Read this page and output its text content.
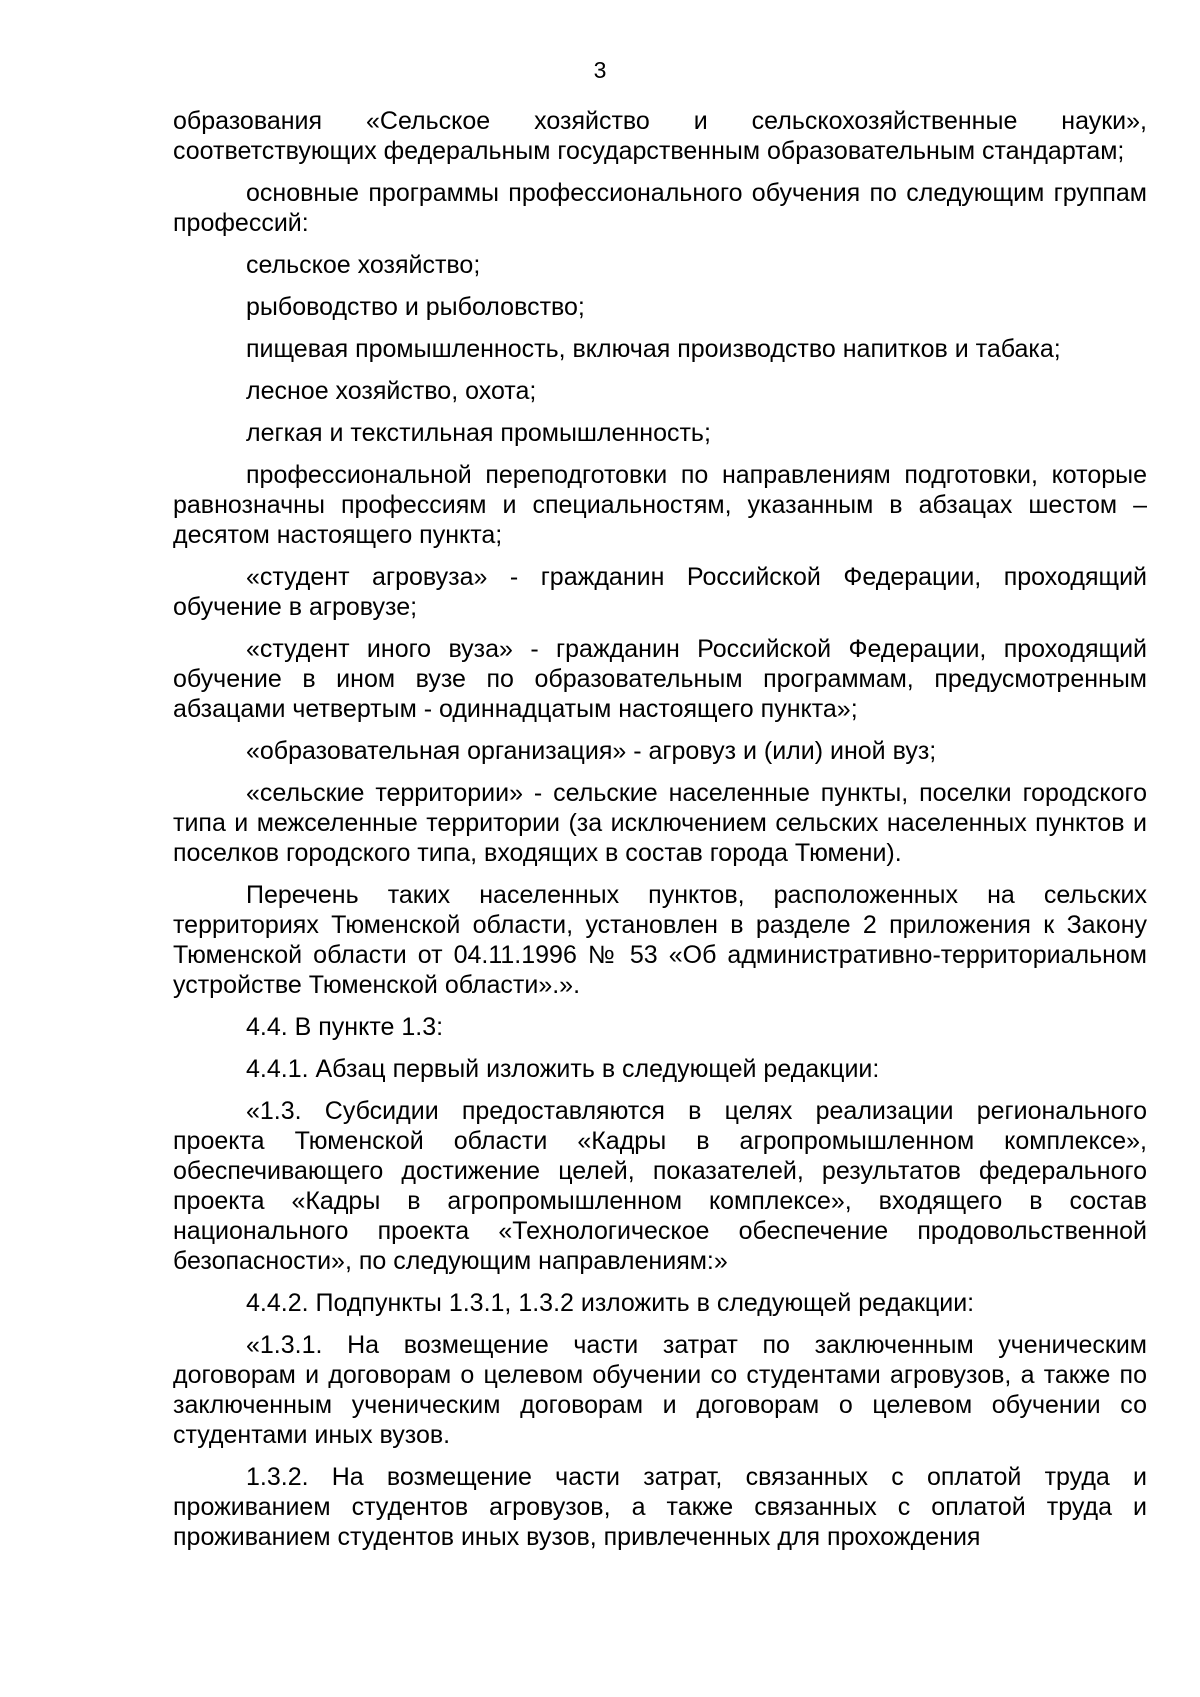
3

образования «Сельское хозяйство и сельскохозяйственные науки», соответствующих федеральным государственным образовательным стандартам;

основные программы профессионального обучения по следующим группам профессий:

сельское хозяйство;

рыбоводство и рыболовство;

пищевая промышленность, включая производство напитков и табака;

лесное хозяйство, охота;

легкая и текстильная промышленность;

профессиональной переподготовки по направлениям подготовки, которые равнозначны профессиям и специальностям, указанным в абзацах шестом – десятом настоящего пункта;

«студент агровуза» - гражданин Российской Федерации, проходящий обучение в агровузе;

«студент иного вуза» - гражданин Российской Федерации, проходящий обучение в ином вузе по образовательным программам, предусмотренным абзацами четвертым - одиннадцатым настоящего пункта»;

«образовательная организация» - агровуз и (или) иной вуз;

«сельские территории» - сельские населенные пункты, поселки городского типа и межселенные территории (за исключением сельских населенных пунктов и поселков городского типа, входящих в состав города Тюмени).

Перечень таких населенных пунктов, расположенных на сельских территориях Тюменской области, установлен в разделе 2 приложения к Закону Тюменской области от 04.11.1996 № 53 «Об административно-территориальном устройстве Тюменской области».».

4.4. В пункте 1.3:

4.4.1. Абзац первый изложить в следующей редакции:

«1.3. Субсидии предоставляются в целях реализации регионального проекта Тюменской области «Кадры в агропромышленном комплексе», обеспечивающего достижение целей, показателей, результатов федерального проекта «Кадры в агропромышленном комплексе», входящего в состав национального проекта «Технологическое обеспечение продовольственной безопасности», по следующим направлениям:»

4.4.2. Подпункты 1.3.1, 1.3.2 изложить в следующей редакции:

«1.3.1. На возмещение части затрат по заключенным ученическим договорам и договорам о целевом обучении со студентами агровузов, а также по заключенным ученическим договорам и договорам о целевом обучении со студентами иных вузов.

1.3.2. На возмещение части затрат, связанных с оплатой труда и проживанием студентов агровузов, а также связанных с оплатой труда и проживанием студентов иных вузов, привлеченных для прохождения
